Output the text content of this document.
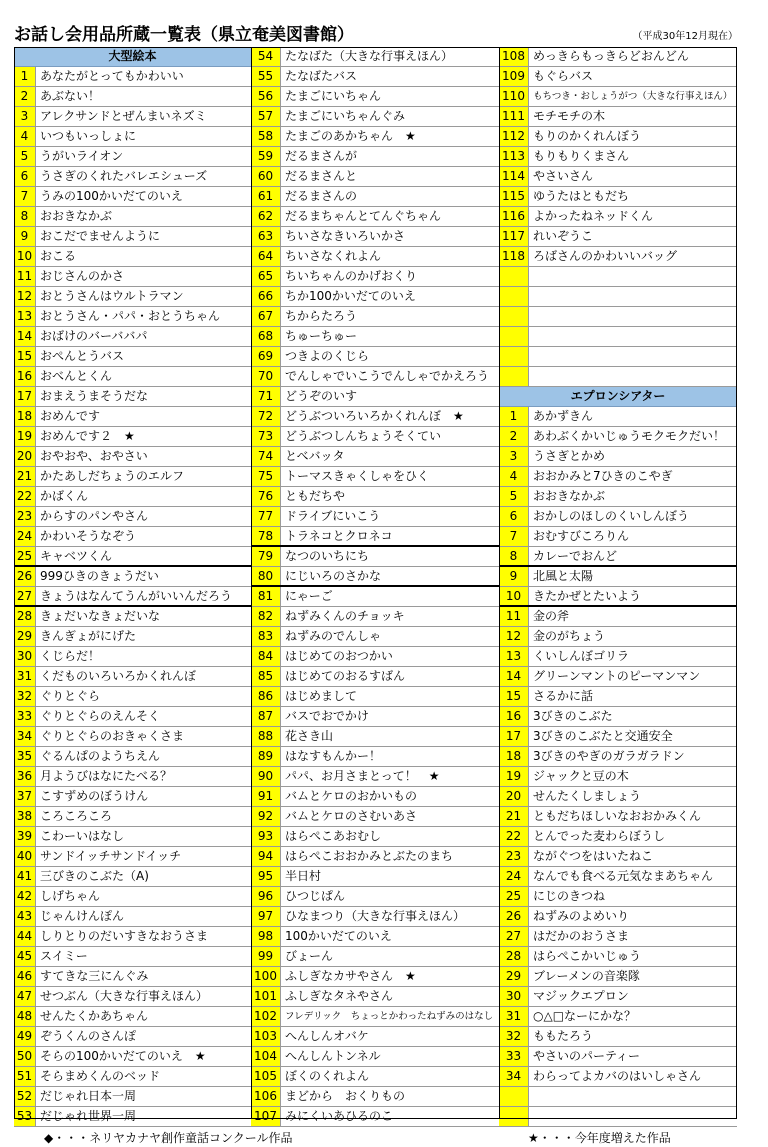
お話し会用品所蔵一覧表（県立奄美図書館）	（平成30年12月現在）
大型絵本
1 あなたがとってもかわいい
2 あぶない！
3 アレクサンドとぜんまいネズミ
4 いつもいっしょに
5 うがいライオン
6 うさぎのくれたバレエシューズ
7 うみの100かいだてのいえ
8 おおきなかぶ
9 おこだでませんように
10 おこる
11 おじさんのかさ
12 おとうさんはウルトラマン
13 おとうさん・パパ・おとうちゃん
14 おばけのバーババパ
15 おぺんとうバス
16 おべんとくん
17 おまえうまそうだな
18 おめんです
19 おめんです２　★
20 おやおや、おやさい
21 かたあしだちょうのエルフ
22 かばくん
23 からすのパンやさん
24 かわいそうなぞう
25 キャベツくん
26 999ひきのきょうだい
27 きょうはなんてうんがいいんだろう
28 きょだいなきょだいな
29 きんぎょがにげた
30 くじらだ！
31 くだものいろいろかくれんぼ
32 ぐりとぐら
33 ぐりとぐらのえんそく
34 ぐりとぐらのおきゃくさま
35 ぐるんぱのようちえん
36 月ようびはなにたべる？
37 こすずめのぼうけん
38 ころころころ
39 こわーいはなし
40 サンドイッチサンドイッチ
41 三びきのこぶた（A)
42 しげちゃん
43 じゃんけんぽん
44 しりとりのだいすきなおうさま
45 スイミー
46 すてきな三にんぐみ
47 せつぶん（大きな行事えほん）
48 せんたくかあちゃん
49 ぞうくんのさんぽ
50 そらの100かいだてのいえ　★
51 そらまめくんのベッド
52 だじゃれ日本一周
53 だじゃれ世界一周
54 たなばた（大きな行事えほん）
55 たなばたバス
56 たまごにいちゃん
57 たまごにいちゃんぐみ
58 たまごのあかちゃん　★
59 だるまさんが
60 だるまさんと
61 だるまさんの
62 だるまちゃんとてんぐちゃん
63 ちいさなきいろいかさ
64 ちいさなくれよん
65 ちいちゃんのかげおくり
66 ちか100かいだてのいえ
67 ちからたろう
68 ちゅーちゅー
69 つきよのくじら
70 でんしゃでいこうでんしゃでかえろう
71 どうぞのいす
72 どうぶついろいろかくれんぼ　★
73 どうぶつしんちょうそくてい
74 とべバッタ
75 トーマスきゃくしゃをひく
76 ともだちや
77 ドライブにいこう
78 トラネコとクロネコ
79 なつのいちにち
80 にじいろのさかな
81 にゃーご
82 ねずみくんのチョッキ
83 ねずみのでんしゃ
84 はじめてのおつかい
85 はじめてのおるすばん
86 はじめまして
87 バスでおでかけ
88 花さき山
89 はなすもんかー！
90 パパ、お月さまとって！　★
91 バムとケロのおかいもの
92 バムとケロのさむいあさ
93 はらぺこあおむし
94 はらぺこおおかみとぶたのまち
95 半日村
96 ひつじぱん
97 ひなまつり（大きな行事えほん）
98 100かいだてのいえ
99 びょーん
100 ふしぎなカサやさん　★
101 ふしぎなタネやさん
102 フレデリック　ちょっとかわったねずみのはなし
103 へんしんオバケ
104 へんしんトンネル
105 ぼくのくれよん
106 まどから　おくりもの
107 みにくいあひるのこ
108 めっきらもっきらどおんどん
109 もぐらバス
110 もちつき・おしょうがつ（大きな行事えほん）
111 モチモチの木
112 もりのかくれんぼう
113 もりもりくまさん
114 やさいさん
115 ゆうたはともだち
116 よかったねネッドくん
117 れいぞうこ
118 ろばさんのかわいいバッグ
エプロンシアター
1	あかずきん
2	あわぶくかいじゅうモクモクだい！
3	うさぎとかめ
4	おおかみと7ひきのこやぎ
5	おおきなかぶ
6	おかしのほしのくいしんぼう
7	おむすびころりん
8	カレーでおんど
9	北風と太陽
10 きたかぜとたいよう
11 金の斧
12 金のがちょう
13 くいしんぼゴリラ
14 グリーンマントのピーマンマン
15 さるかに話
16 3びきのこぶた
17 3びきのこぶたと交通安全
18 3びきのやぎのガラガラドン
19 ジャックと豆の木
20 せんたくしましょう
21 ともだちほしいなおおかみくん
22 とんでった麦わらぼうし
23 ながぐつをはいたねこ
24 なんでも食べる元気なまあちゃん
25 にじのきつね
26 ねずみのよめいり
27 はだかのおうさま
28 はらぺこかいじゅう
29 ブレーメンの音楽隊
30 マジックエプロン
31 ○△□なーにかな？
32 ももたろう
33 やさいのパーティー
34 わらってよカバのはいしゃさん
◆・・・ネリヤカナヤ創作童話コンクール作品	★・・・今年度増えた作品
